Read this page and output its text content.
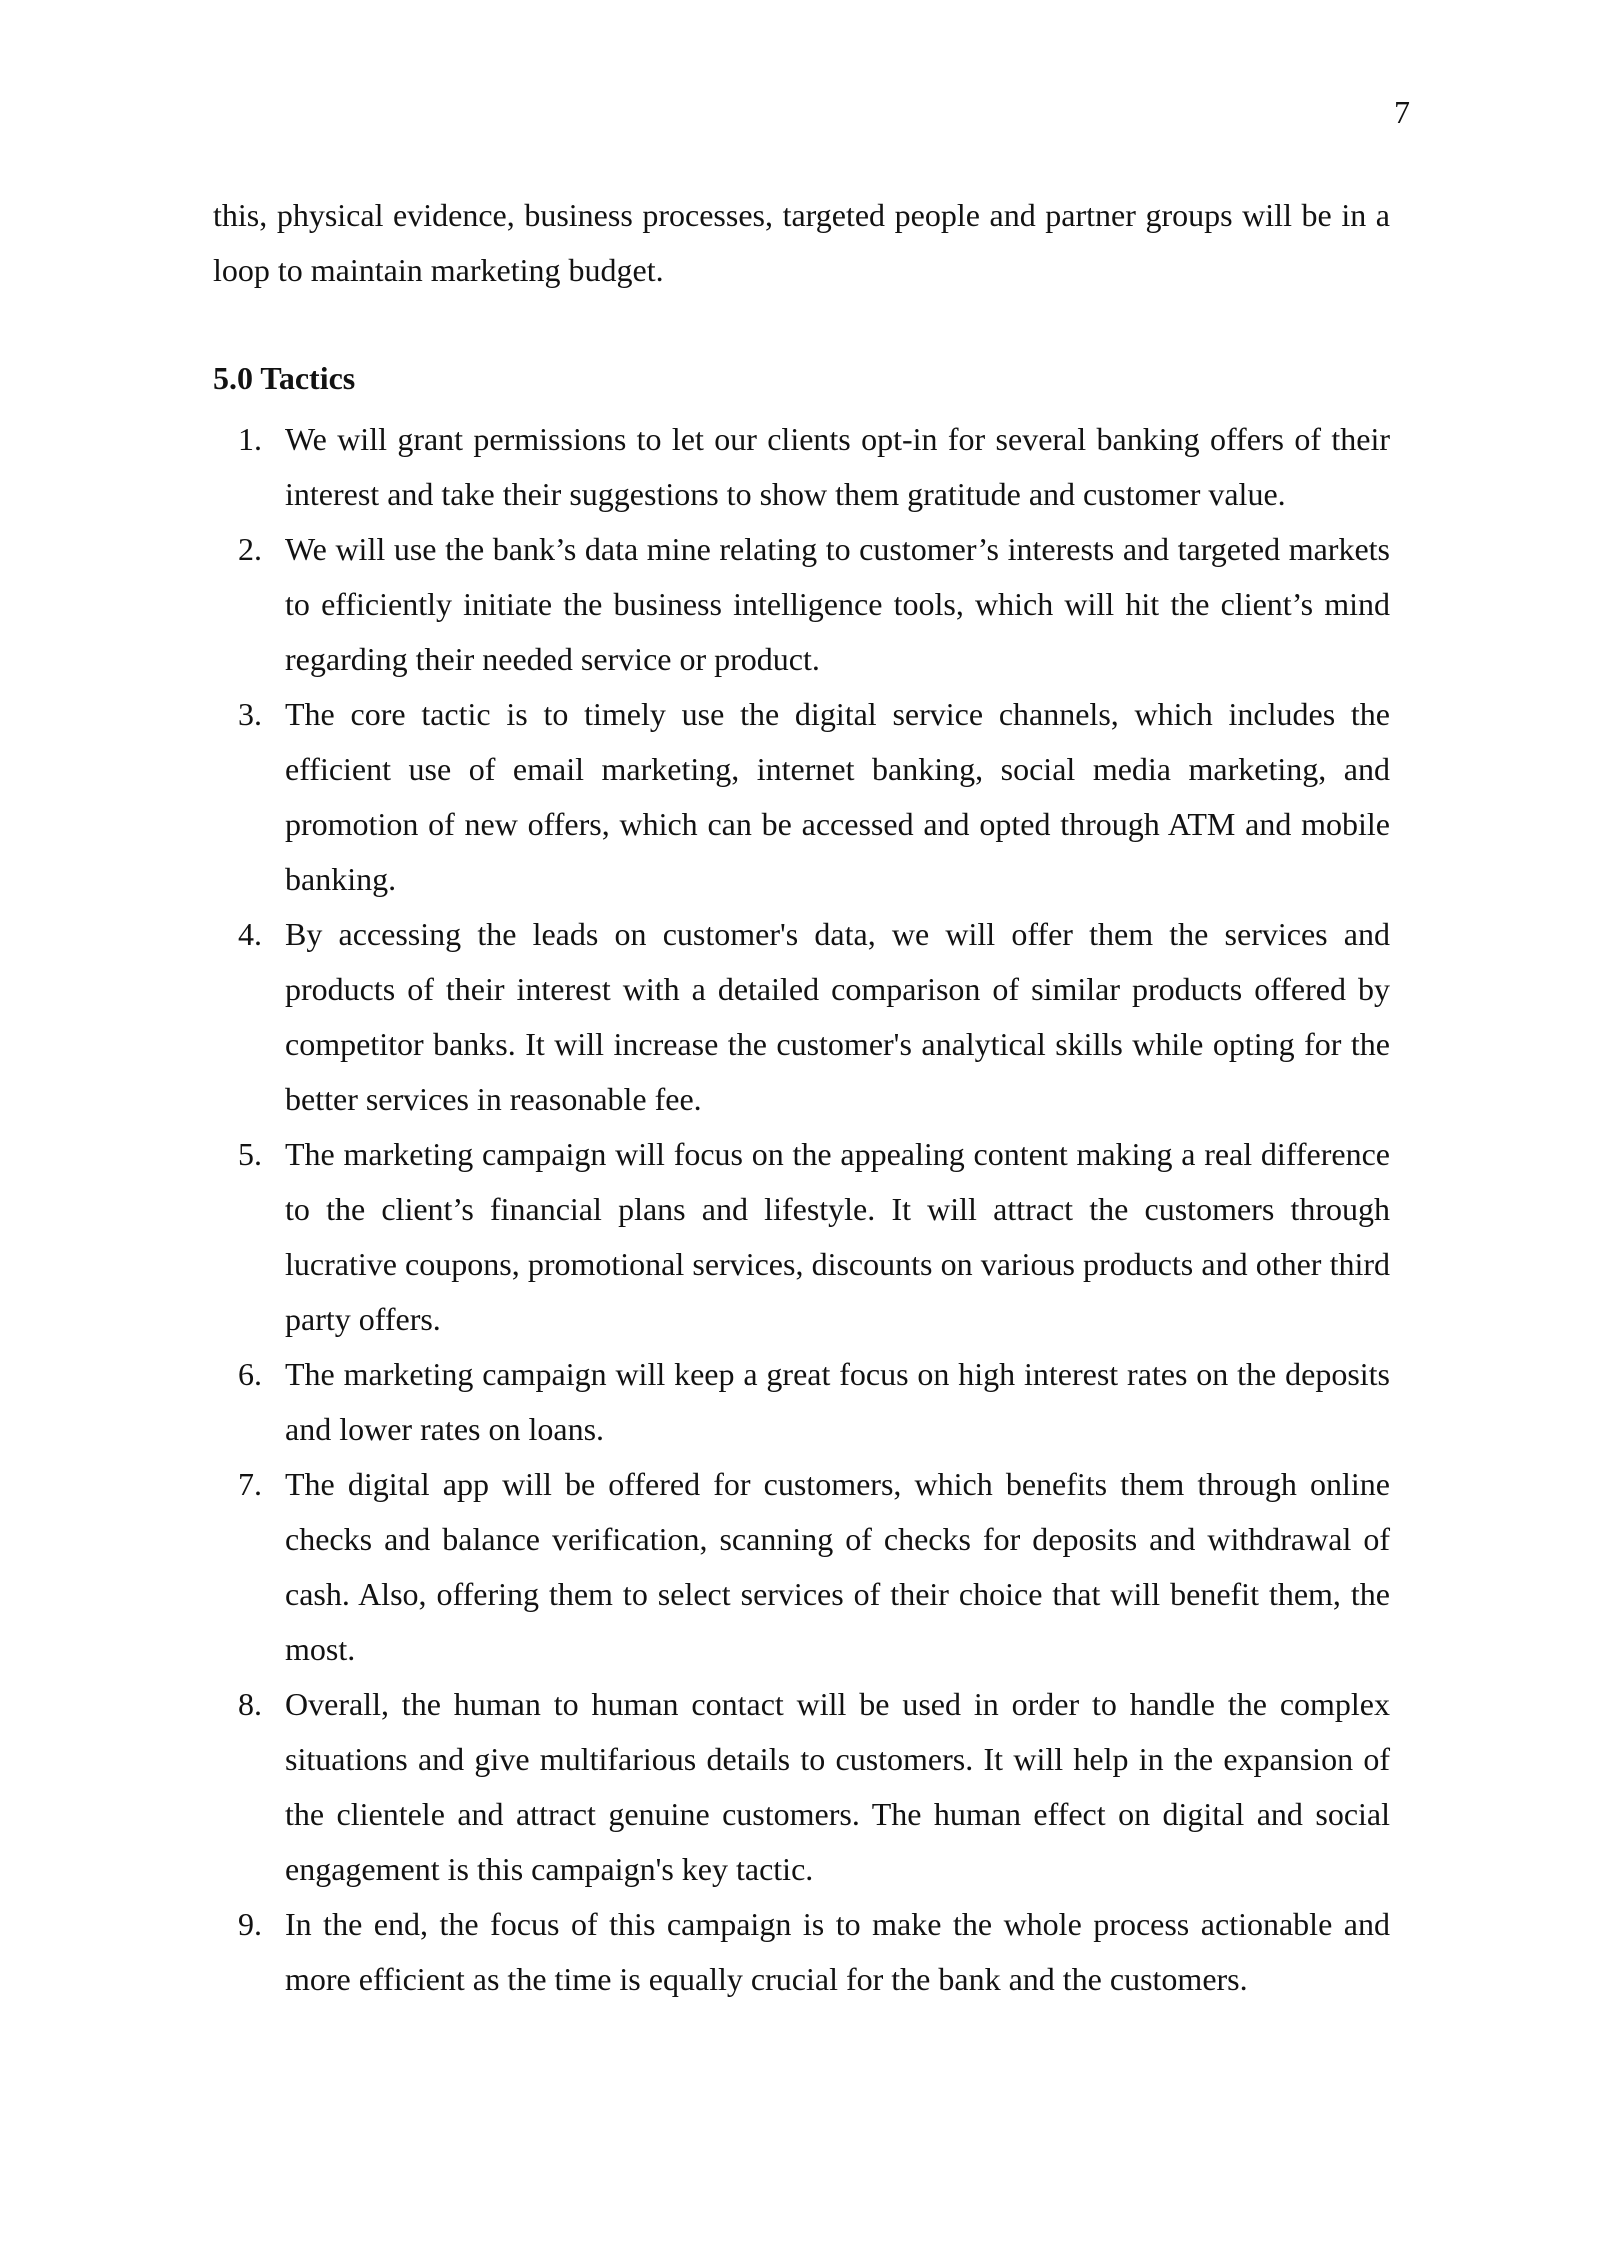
7

this, physical evidence, business processes, targeted people and partner groups will be in a loop to maintain marketing budget.

5.0 Tactics
1. We will grant permissions to let our clients opt-in for several banking offers of their interest and take their suggestions to show them gratitude and customer value.
2. We will use the bank’s data mine relating to customer’s interests and targeted markets to efficiently initiate the business intelligence tools, which will hit the client’s mind regarding their needed service or product.
3. The core tactic is to timely use the digital service channels, which includes the efficient use of email marketing, internet banking, social media marketing, and promotion of new offers, which can be accessed and opted through ATM and mobile banking.
4. By accessing the leads on customer's data, we will offer them the services and products of their interest with a detailed comparison of similar products offered by competitor banks. It will increase the customer's analytical skills while opting for the better services in reasonable fee.
5. The marketing campaign will focus on the appealing content making a real difference to the client’s financial plans and lifestyle. It will attract the customers through lucrative coupons, promotional services, discounts on various products and other third party offers.
6. The marketing campaign will keep a great focus on high interest rates on the deposits and lower rates on loans.
7. The digital app will be offered for customers, which benefits them through online checks and balance verification, scanning of checks for deposits and withdrawal of cash. Also, offering them to select services of their choice that will benefit them, the most.
8. Overall, the human to human contact will be used in order to handle the complex situations and give multifarious details to customers. It will help in the expansion of the clientele and attract genuine customers. The human effect on digital and social engagement is this campaign's key tactic.
9. In the end, the focus of this campaign is to make the whole process actionable and more efficient as the time is equally crucial for the bank and the customers.
